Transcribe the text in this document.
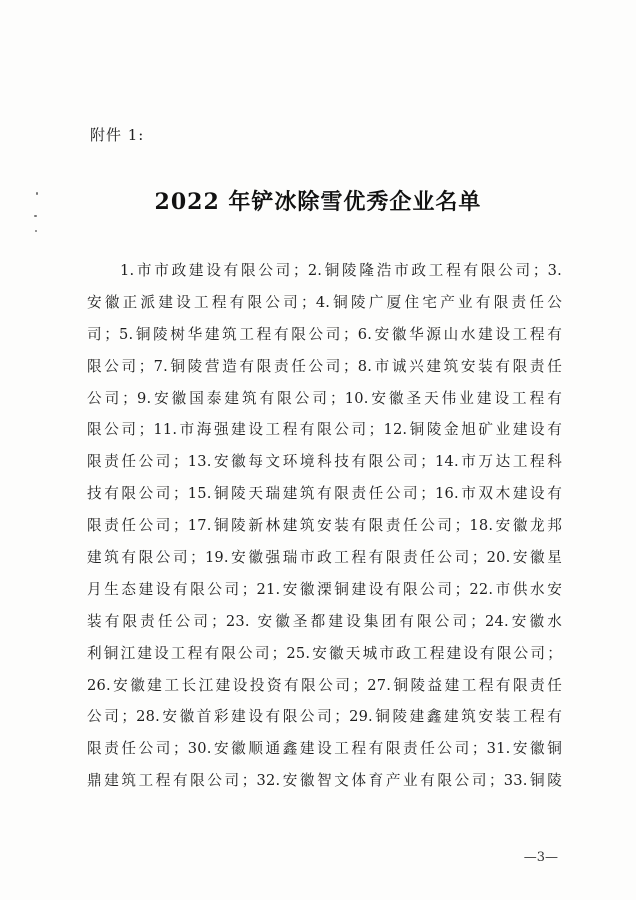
附件 1:
2022 年铲冰除雪优秀企业名单
1.市市政建设有限公司；2.铜陵隆浩市政工程有限公司；3.
安徽正派建设工程有限公司；4.铜陵广厦住宅产业有限责任公
司；5.铜陵树华建筑工程有限公司；6.安徽华源山水建设工程有
限公司；7.铜陵营造有限责任公司；8.市诚兴建筑安装有限责任
公司；9.安徽国泰建筑有限公司；10.安徽圣天伟业建设工程有
限公司；11.市海强建设工程有限公司；12.铜陵金旭矿业建设有
限责任公司；13.安徽每文环境科技有限公司；14.市万达工程科
技有限公司；15.铜陵天瑞建筑有限责任公司；16.市双木建设有
限责任公司；17.铜陵新林建筑安装有限责任公司；18.安徽龙邦
建筑有限公司；19.安徽强瑞市政工程有限责任公司；20.安徽星
月生态建设有限公司；21.安徽溧铜建设有限公司；22.市供水安
装有限责任公司；23. 安徽圣都建设集团有限公司；24.安徽水
利铜江建设工程有限公司；25.安徽天城市政工程建设有限公司；
26.安徽建工长江建设投资有限公司；27.铜陵益建工程有限责任
公司；28.安徽首彩建设有限公司；29.铜陵建鑫建筑安装工程有
限责任公司；30.安徽顺通鑫建设工程有限责任公司；31.安徽铜
鼎建筑工程有限公司；32.安徽智文体育产业有限公司；33.铜陵
—3—
